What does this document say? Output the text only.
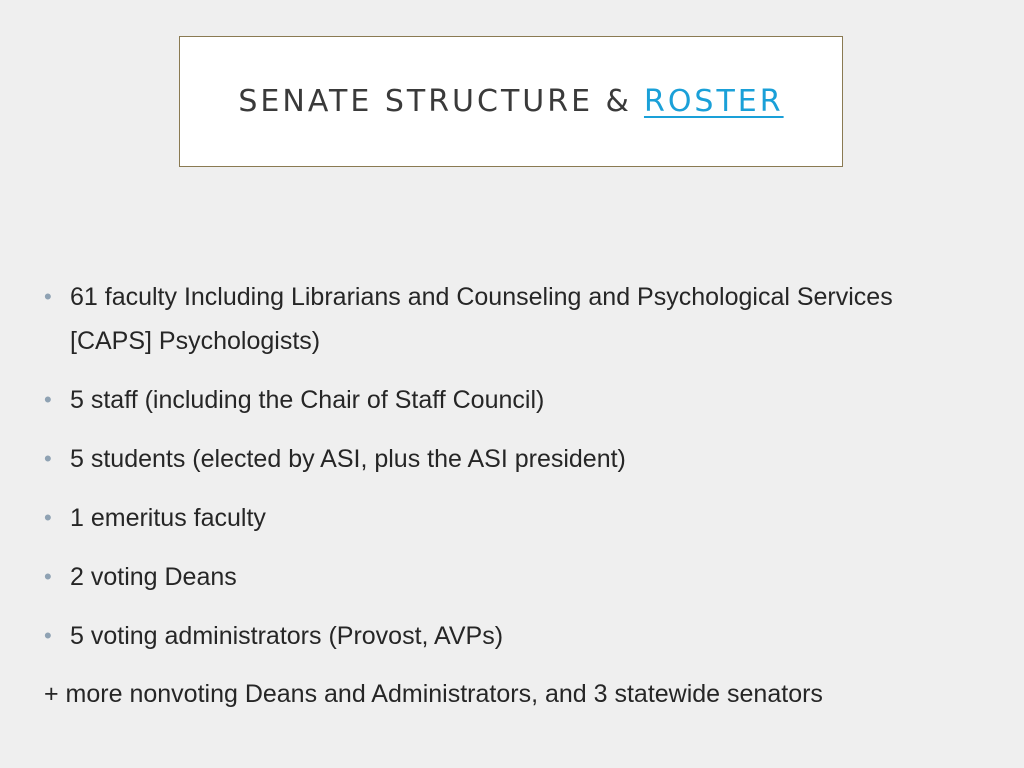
SENATE STRUCTURE & ROSTER
• 61 faculty Including Librarians and Counseling and Psychological Services [CAPS] Psychologists)
• 5 staff (including the Chair of Staff Council)
• 5 students (elected by ASI, plus the ASI president)
• 1 emeritus faculty
• 2 voting Deans
• 5 voting administrators (Provost, AVPs)
+ more nonvoting Deans and Administrators, and 3 statewide senators
